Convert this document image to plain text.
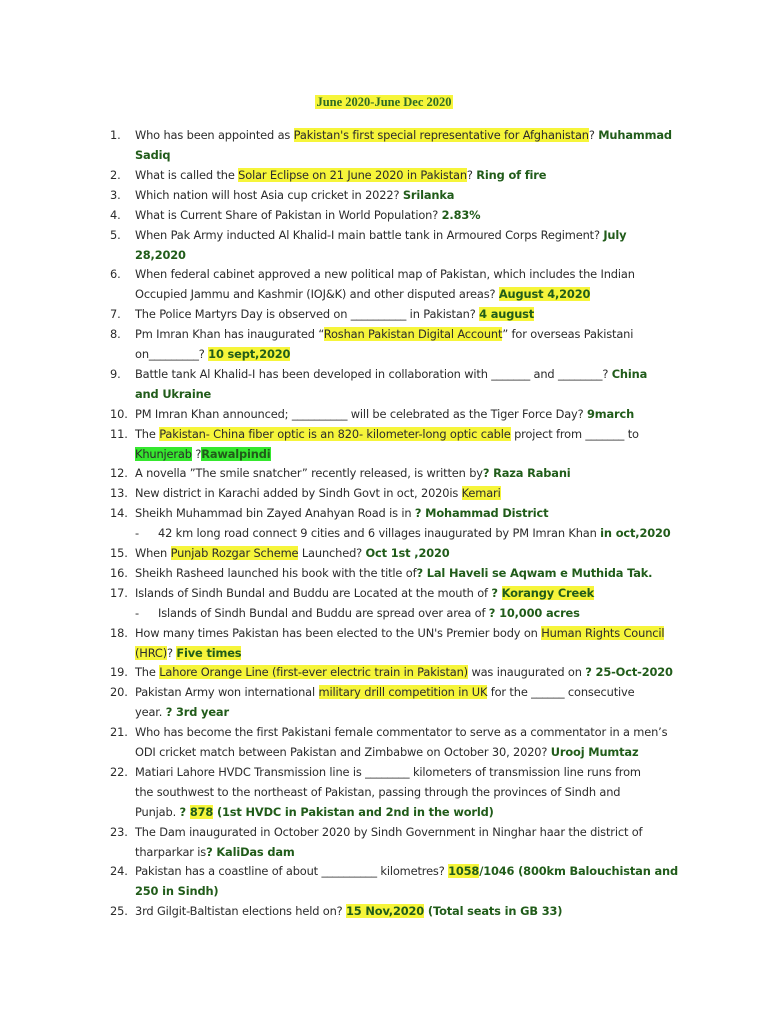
June 2020-June Dec 2020
1.	Who has been appointed as Pakistan's first special representative for Afghanistan? Muhammad
Sadiq
2.	What is called the Solar Eclipse on 21 June 2020 in Pakistan? Ring of fire
3.	Which nation will host Asia cup cricket in 2022? Srilanka
4.	What is Current Share of Pakistan in World Population? 2.83%
5.	When Pak Army inducted Al Khalid-I main battle tank in Armoured Corps Regiment? July
28,2020
6.	When federal cabinet approved a new political map of Pakistan, which includes the Indian
Occupied Jammu and Kashmir (IOJ&K) and other disputed areas? August 4,2020
7.	The Police Martyrs Day is observed on __________ in Pakistan? 4 august
8.	Pm Imran Khan has inaugurated “Roshan Pakistan Digital Account” for overseas Pakistani
on_________? 10 sept,2020
9.	Battle tank Al Khalid-I has been developed in collaboration with _______ and ________? China
and Ukraine
10. PM Imran Khan announced; __________ will be celebrated as the Tiger Force Day? 9march
11. The Pakistan- China fiber optic is an 820- kilometer-long optic cable project from _______ to
Khunjerab ?Rawalpindi
12. A novella ”The smile snatcher” recently released, is written by? Raza Rabani
13. New district in Karachi added by Sindh Govt in oct, 2020is Kemari
14. Sheikh Muhammad bin Zayed Anahyan Road is in ? Mohammad District
- 42 km long road connect 9 cities and 6 villages inaugurated by PM Imran Khan in oct,2020
15. When Punjab Rozgar Scheme Launched? Oct 1st ,2020
16. Sheikh Rasheed launched his book with the title of? Lal Haveli se Aqwam e Muthida Tak.
17. Islands of Sindh Bundal and Buddu are Located at the mouth of ? Korangy Creek
- Islands of Sindh Bundal and Buddu are spread over area of ? 10,000 acres
18. How many times Pakistan has been elected to the UN's Premier body on Human Rights Council
(HRC)? Five times
19. The Lahore Orange Line (first-ever electric train in Pakistan) was inaugurated on ? 25-Oct-2020
20. Pakistan Army won international military drill competition in UK for the ______ consecutive
year. ? 3rd year
21. Who has become the first Pakistani female commentator to serve as a commentator in a men’s
ODI cricket match between Pakistan and Zimbabwe on October 30, 2020? Urooj Mumtaz
22. Matiari Lahore HVDC Transmission line is ________ kilometers of transmission line runs from
the southwest to the northeast of Pakistan, passing through the provinces of Sindh and
Punjab. ? 878 (1st HVDC in Pakistan and 2nd in the world)
23. The Dam inaugurated in October 2020 by Sindh Government in Ninghar haar the district of
tharparkar is? KaliDas dam
24. Pakistan has a coastline of about __________ kilometres? 1058/1046 (800km Balouchistan and
250 in Sindh)
25. 3rd Gilgit-Baltistan elections held on? 15 Nov,2020 (Total seats in GB 33)
